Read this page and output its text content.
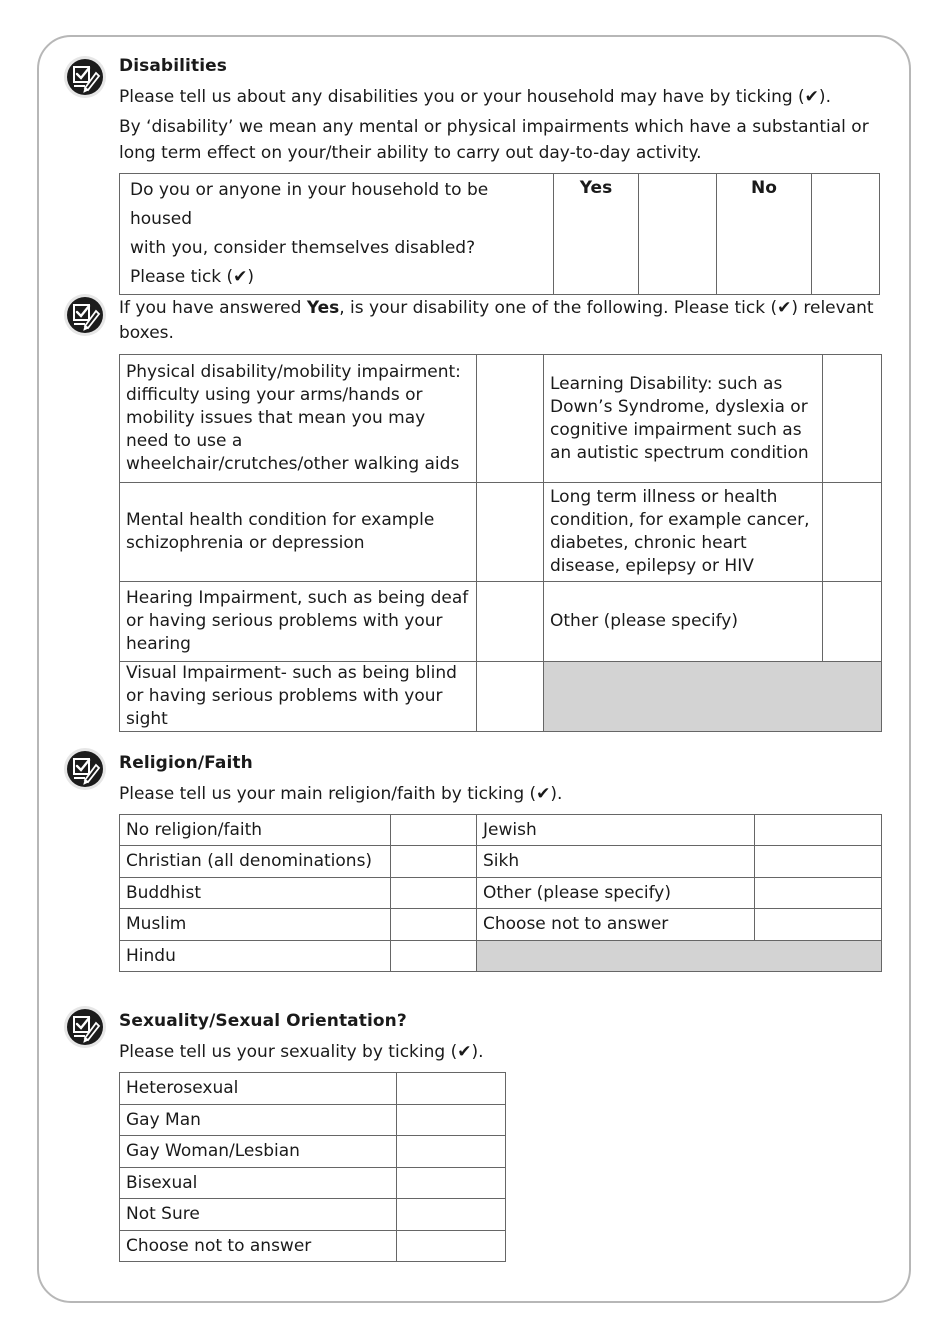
Disabilities

Please tell us about any disabilities you or your household may have by ticking (✔).

By ‘disability’ we mean any mental or physical impairments which have a substantial or long term effect on your/their ability to carry out day-to-day activity.

Do you or anyone in your household to be housed
with you, consider themselves disabled?
Please tick (✔)	Yes		No	

If you have answered Yes, is your disability one of the following. Please tick (✔) relevant boxes.

Physical disability/mobility impairment: difficulty using your arms/hands or mobility issues that mean you may need to use a wheelchair/crutches/other walking aids		Learning Disability: such as Down’s Syndrome, dyslexia or cognitive impairment such as an autistic spectrum condition	
Mental health condition for example schizophrenia or depression		Long term illness or health condition, for example cancer, diabetes, chronic heart disease, epilepsy or HIV	
Hearing Impairment, such as being deaf or having serious problems with your hearing		Other (please specify)	
Visual Impairment- such as being blind or having serious problems with your sight			

Religion/Faith

Please tell us your main religion/faith by ticking (✔).

No religion/faith		Jewish	
Christian (all denominations)		Sikh	
Buddhist		Other (please specify)	
Muslim		Choose not to answer	
Hindu			

Sexuality/Sexual Orientation?

Please tell us your sexuality by ticking (✔).

Heterosexual	
Gay Man	
Gay Woman/Lesbian	
Bisexual	
Not Sure	
Choose not to answer	
